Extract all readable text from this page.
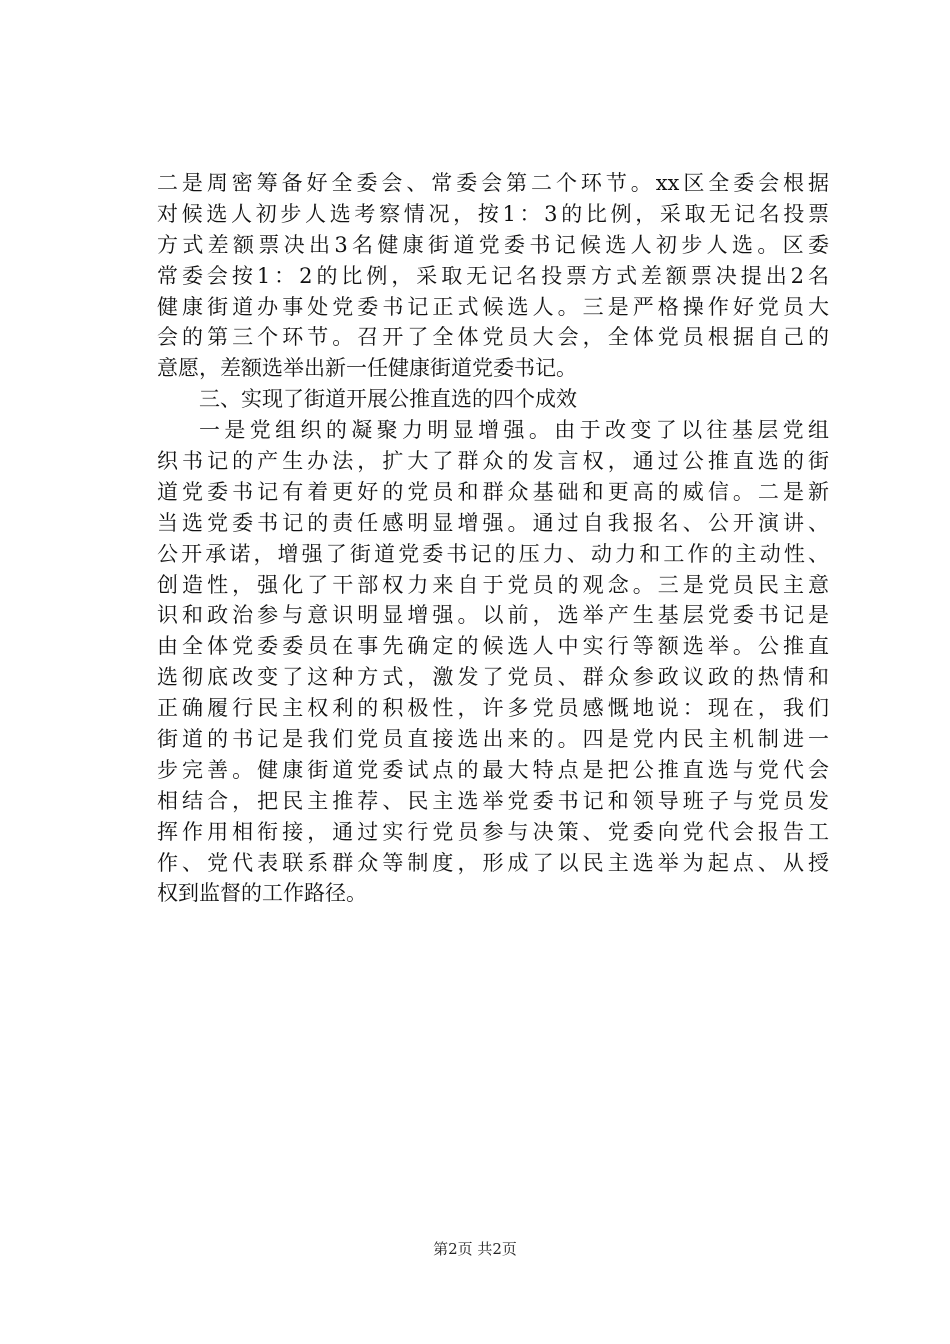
二是周密筹备好全委会、常委会第二个环节。xx区全委会根据
对候选人初步人选考察情况，按1：3的比例，采取无记名投票
方式差额票决出3名健康街道党委书记候选人初步人选。区委
常委会按1：2的比例，采取无记名投票方式差额票决提出2名
健康街道办事处党委书记正式候选人。三是严格操作好党员大
会的第三个环节。召开了全体党员大会，全体党员根据自己的
意愿，差额选举出新一任健康街道党委书记。
三、实现了街道开展公推直选的四个成效
一是党组织的凝聚力明显增强。由于改变了以往基层党组
织书记的产生办法，扩大了群众的发言权，通过公推直选的街
道党委书记有着更好的党员和群众基础和更高的威信。二是新
当选党委书记的责任感明显增强。通过自我报名、公开演讲、
公开承诺，增强了街道党委书记的压力、动力和工作的主动性、
创造性，强化了干部权力来自于党员的观念。三是党员民主意
识和政治参与意识明显增强。以前，选举产生基层党委书记是
由全体党委委员在事先确定的候选人中实行等额选举。公推直
选彻底改变了这种方式，激发了党员、群众参政议政的热情和
正确履行民主权利的积极性，许多党员感慨地说：现在，我们
街道的书记是我们党员直接选出来的。四是党内民主机制进一
步完善。健康街道党委试点的最大特点是把公推直选与党代会
相结合，把民主推荐、民主选举党委书记和领导班子与党员发
挥作用相衔接，通过实行党员参与决策、党委向党代会报告工
作、党代表联系群众等制度，形成了以民主选举为起点、从授
权到监督的工作路径。
第2页 共2页
